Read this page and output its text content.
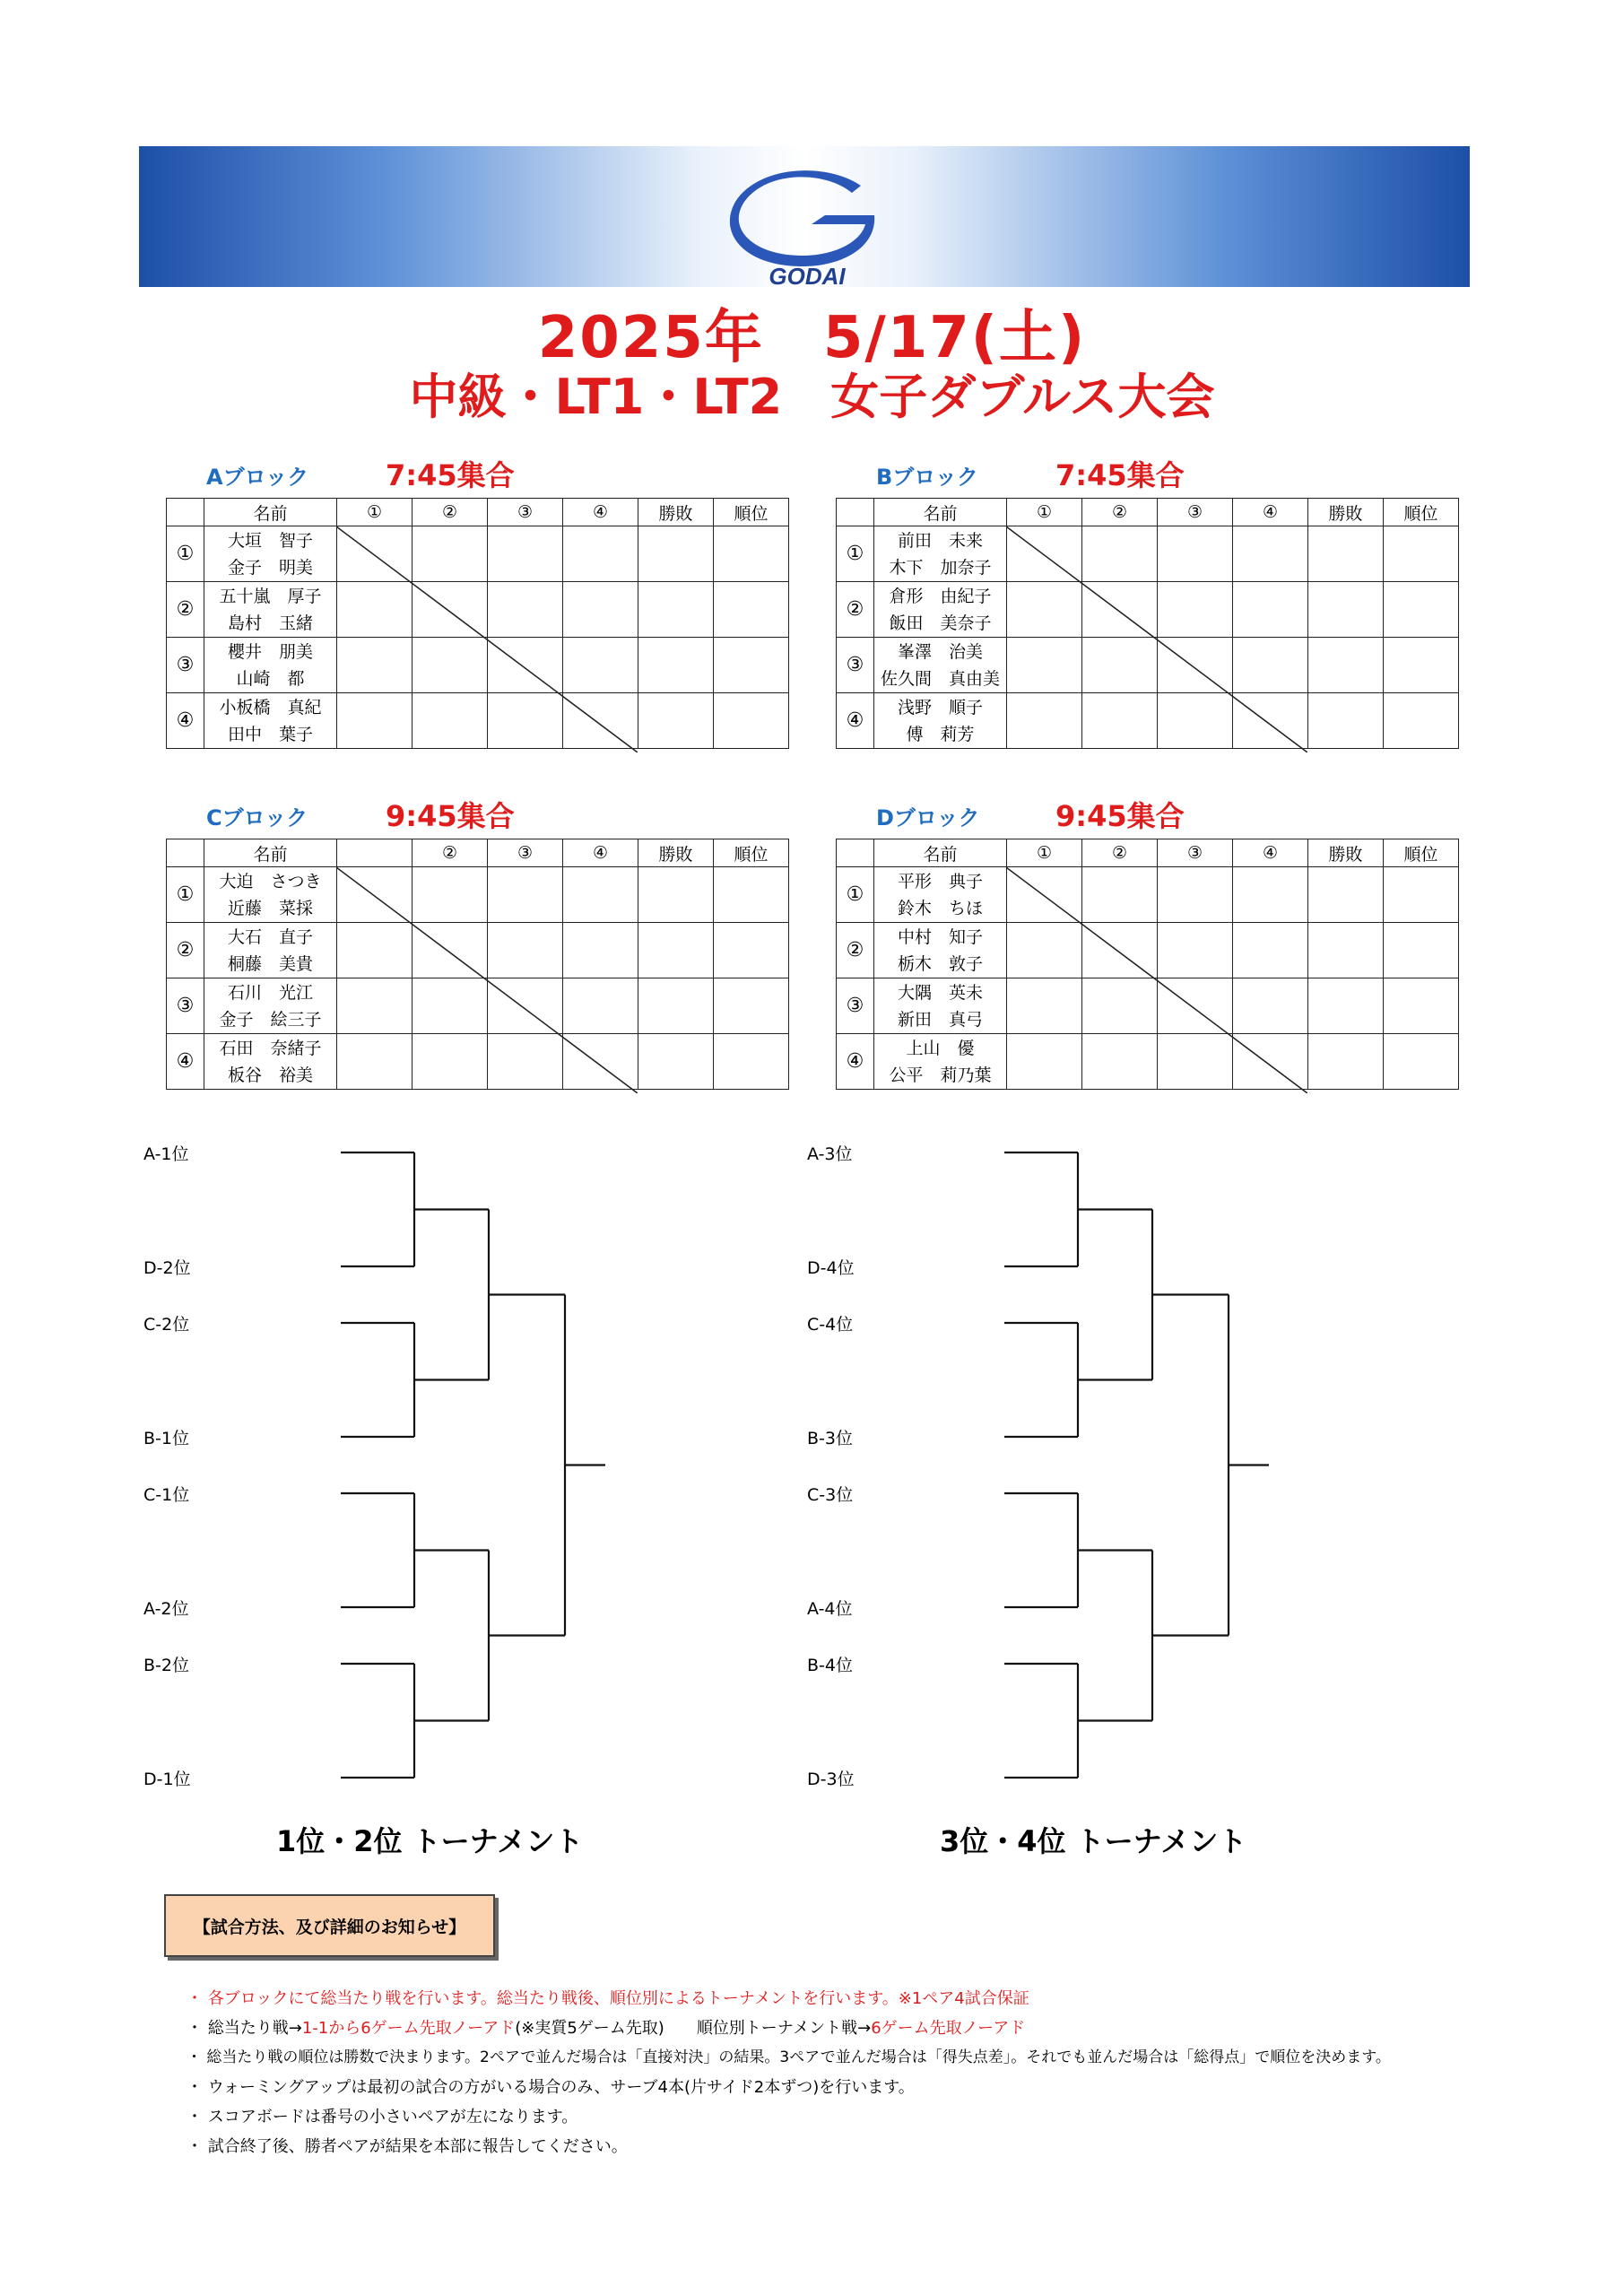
GODAI
2025年　5/17(土)
中級・LT1・LT2　女子ダブルス大会
Aブロック	7:45集合
	名前	①	②	③	④	勝敗	順位
①	大垣　智子
金子　明美						

②	五十嵐　厚子
島村　玉緒						

③	櫻井　朋美
山崎　都						

④	小板橋　真紀
田中　葉子						

Bブロック	7:45集合
	名前	①	②	③	④	勝敗	順位
①	前田　未来
木下　加奈子						

②	倉形　由紀子
飯田　美奈子						

③	峯澤　治美
佐久間　真由美						

④	浅野　順子
傅　莉芳						

Cブロック	9:45集合
	名前		②	③	④	勝敗	順位
①	大迫　さつき
近藤　菜採						

②	大石　直子
桐藤　美貴						

③	石川　光江
金子　絵三子						

④	石田　奈緒子
板谷　裕美						

Dブロック	9:45集合
	名前	①	②	③	④	勝敗	順位
①	平形　典子
鈴木　ちほ						

②	中村　知子
栃木　敦子						

③	大隅　英未
新田　真弓						

④	上山　優
公平　莉乃葉						

A-1位
D-2位
C-2位
B-1位
C-1位
A-2位
B-2位
D-1位
1位・2位 トーナメント
A-3位
D-4位
C-4位
B-3位
C-3位
A-4位
B-4位
D-3位
3位・4位 トーナメント
【試合方法、及び詳細のお知らせ】
・ 各ブロックにて総当たり戦を行います。総当たり戦後、順位別によるトーナメントを行います。※1ペア4試合保証
・ 総当たり戦→1-1から6ゲーム先取ノーアド(※実質5ゲーム先取)　　順位別トーナメント戦→6ゲーム先取ノーアド
・ 総当たり戦の順位は勝数で決まります。2ペアで並んだ場合は「直接対決」の結果。3ペアで並んだ場合は「得失点差」。それでも並んだ場合は「総得点」で順位を決めます。
・ ウォーミングアップは最初の試合の方がいる場合のみ、サーブ4本(片サイド2本ずつ)を行います。
・ スコアボードは番号の小さいペアが左になります。
・ 試合終了後、勝者ペアが結果を本部に報告してください。
